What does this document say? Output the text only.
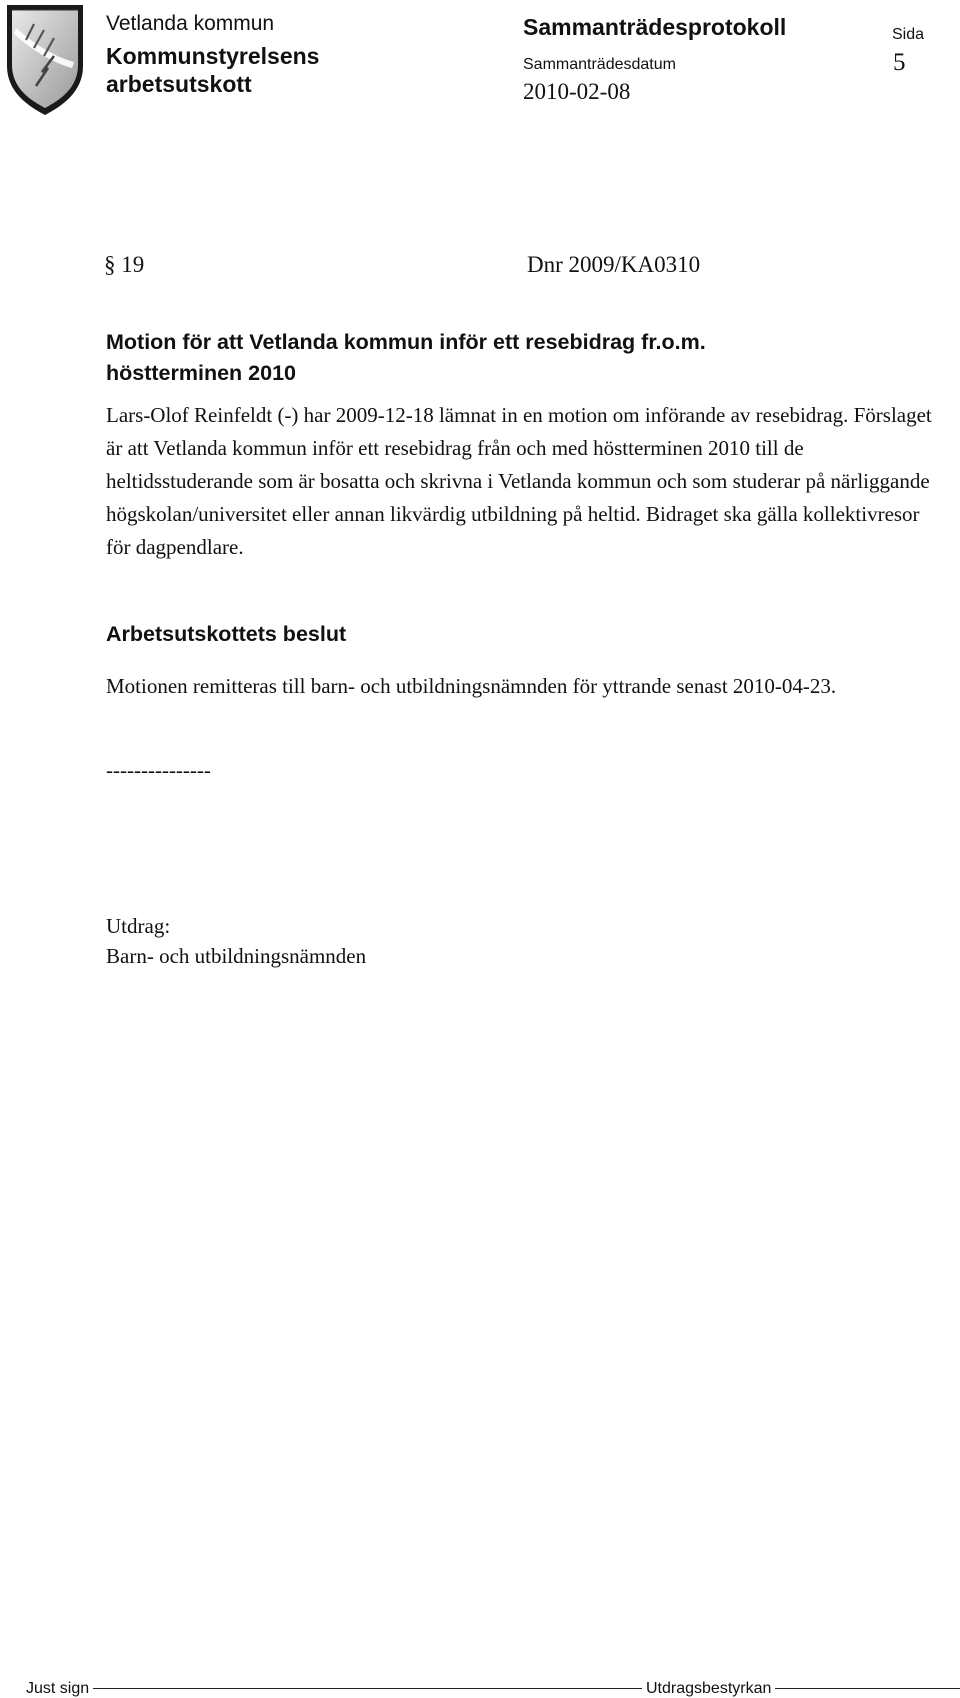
Vetlanda kommun
Kommunstyrelsens
arbetsutskott
Sammanträdesprotokoll
Sammanträdesdatum
2010-02-08
Sida
5
§ 19	Dnr 2009/KA0310

Motion för att Vetlanda kommun inför ett resebidrag fr.o.m.
höstterminen 2010

Lars-Olof Reinfeldt (-) har 2009-12-18 lämnat in en motion om införande av resebidrag. Förslaget är att Vetlanda kommun inför ett resebidrag från och med höstterminen 2010 till de heltidsstuderande som är bosatta och skrivna i Vetlanda kommun och som studerar på närliggande högskolan/universitet eller annan likvärdig utbildning på heltid. Bidraget ska gälla kollektivresor för dagpendlare.

Arbetsutskottets beslut

Motionen remitteras till barn- och utbildningsnämnden för yttrande senast 2010-04-23.

---------------
Utdrag:
Barn- och utbildningsnämnden
Just sign	Utdragsbestyrkan
